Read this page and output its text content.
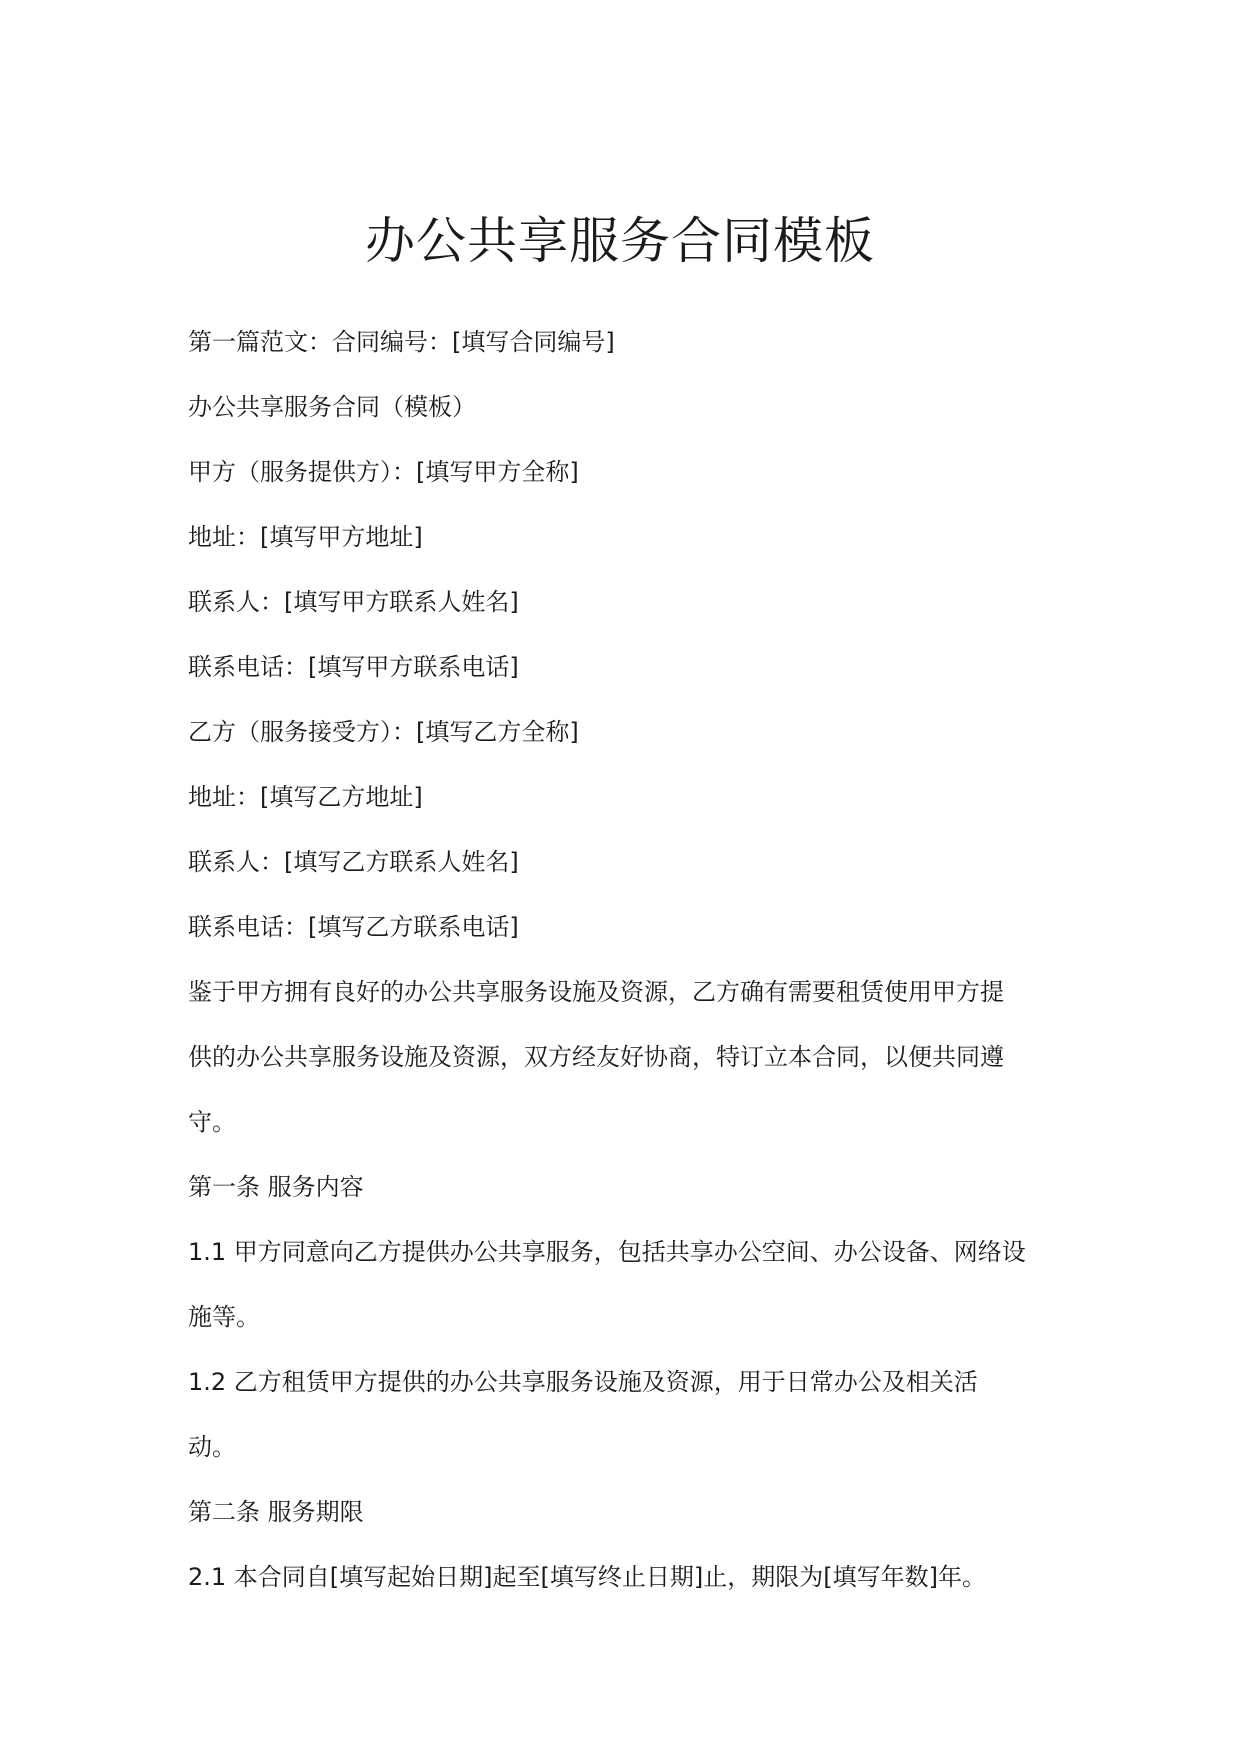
办公共享服务合同模板
第一篇范文：合同编号：[填写合同编号]
办公共享服务合同（模板）
甲方（服务提供方）：[填写甲方全称]
地址：[填写甲方地址]
联系人：[填写甲方联系人姓名]
联系电话：[填写甲方联系电话]
乙方（服务接受方）：[填写乙方全称]
地址：[填写乙方地址]
联系人：[填写乙方联系人姓名]
联系电话：[填写乙方联系电话]
鉴于甲方拥有良好的办公共享服务设施及资源，乙方确有需要租赁使用甲方提
供的办公共享服务设施及资源，双方经友好协商，特订立本合同，以便共同遵
守。
第一条 服务内容
1.1 甲方同意向乙方提供办公共享服务，包括共享办公空间、办公设备、网络设
施等。
1.2 乙方租赁甲方提供的办公共享服务设施及资源，用于日常办公及相关活
动。
第二条 服务期限
2.1 本合同自[填写起始日期]起至[填写终止日期]止，期限为[填写年数]年。
